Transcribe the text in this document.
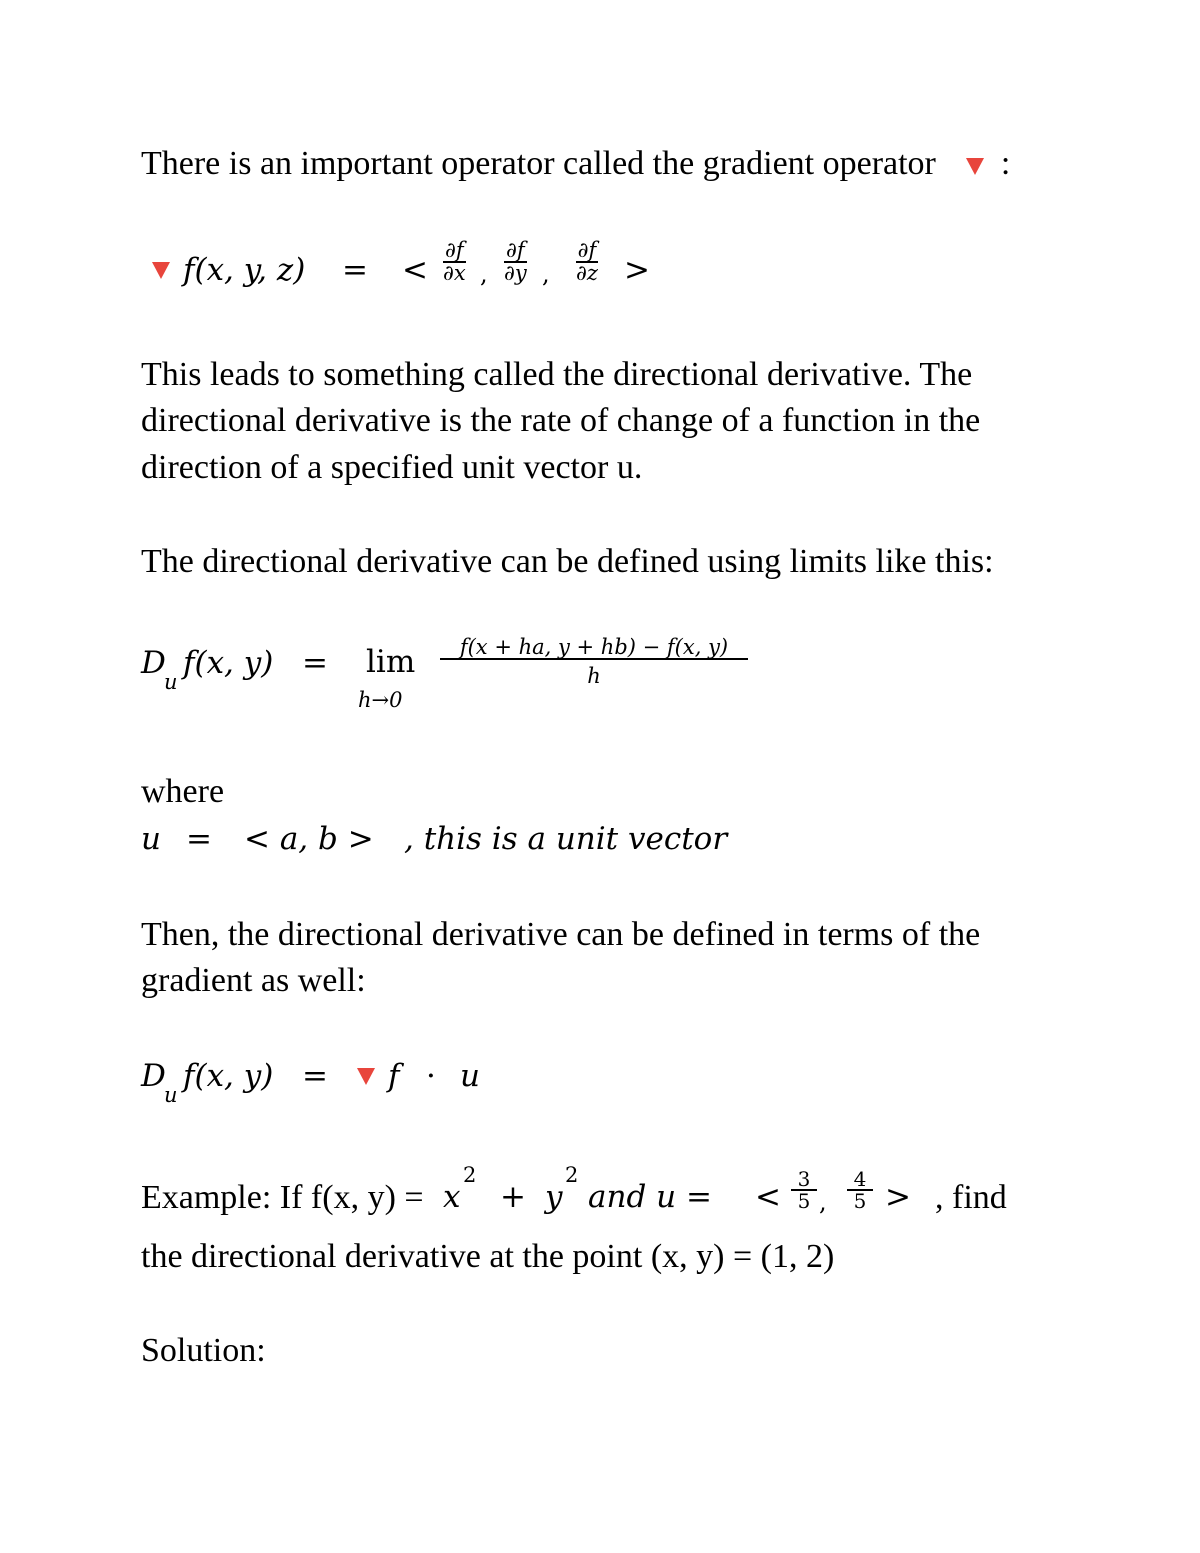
There is an important operator called the gradient operator :
f(x, y, z) = <
∂f
∂x ,
∂f
∂y ,
∂f
∂z >
This leads to something called the directional derivative. The
directional derivative is the rate of change of a function in the
direction of a specified unit vector u.
The directional derivative can be defined using limits like this:
D
u
f(x, y) = lim
h→0
f(x + ha, y + hb) − f(x, y)
h
where
u = < a, b > , this is a unit vector
Then, the directional derivative can be defined in terms of the
gradient as well:
D
u
f(x, y) = f · u
Example: If f(x, y) = x
2
+ y
2
and u = < 3
5 ,
4
5 > , find
the directional derivative at the point (x, y) = (1, 2)
Solution:
